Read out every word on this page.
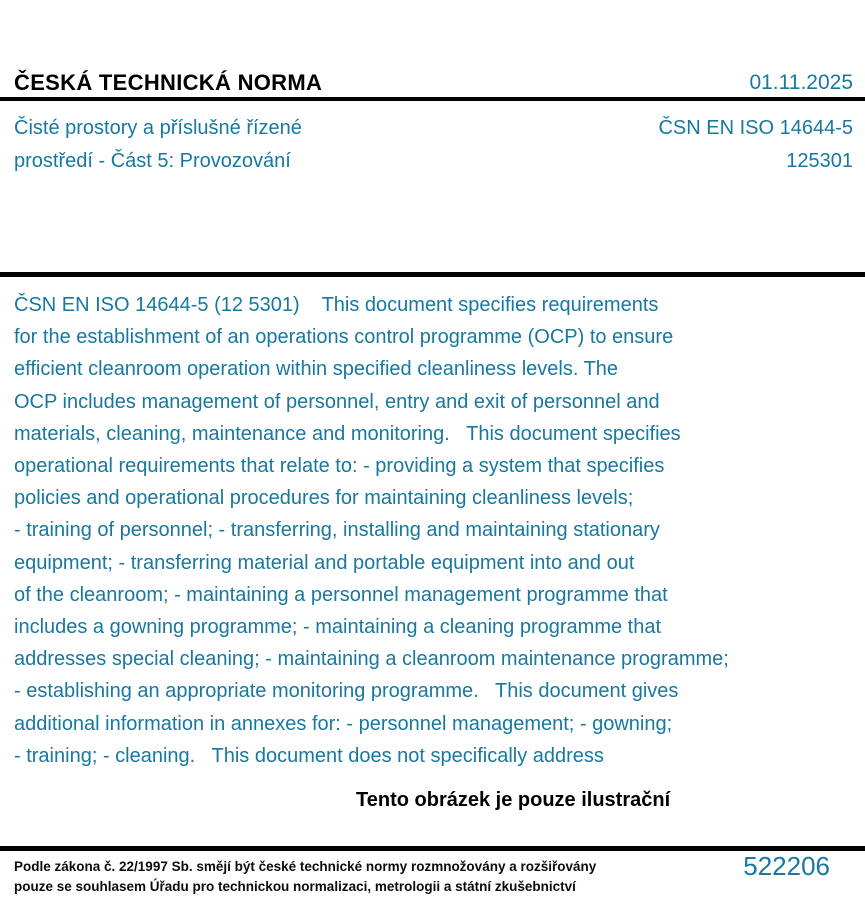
ČESKÁ TECHNICKÁ NORMA	01.11.2025
Čisté prostory a příslušné řízené
prostředí - Část 5: Provozování
ČSN EN ISO 14644-5
125301
ČSN EN ISO 14644-5 (12 5301)    This document specifies requirements
for the establishment of an operations control programme (OCP) to ensure
efficient cleanroom operation within specified cleanliness levels. The
OCP includes management of personnel, entry and exit of personnel and
materials, cleaning, maintenance and monitoring.   This document specifies
operational requirements that relate to: - providing a system that specifies
policies and operational procedures for maintaining cleanliness levels;
- training of personnel; - transferring, installing and maintaining stationary
equipment; - transferring material and portable equipment into and out
of the cleanroom; - maintaining a personnel management programme that
includes a gowning programme; - maintaining a cleaning programme that
addresses special cleaning; - maintaining a cleanroom maintenance programme;
- establishing an appropriate monitoring programme.   This document gives
additional information in annexes for: - personnel management; - gowning;
- training; - cleaning.   This document does not specifically address
Tento obrázek je pouze ilustrační
Podle zákona č. 22/1997 Sb. smějí být české technické normy rozmnožovány a rozšiřovány
pouze se souhlasem Úřadu pro technickou normalizaci, metrologii a státní zkušebnictví
522206
